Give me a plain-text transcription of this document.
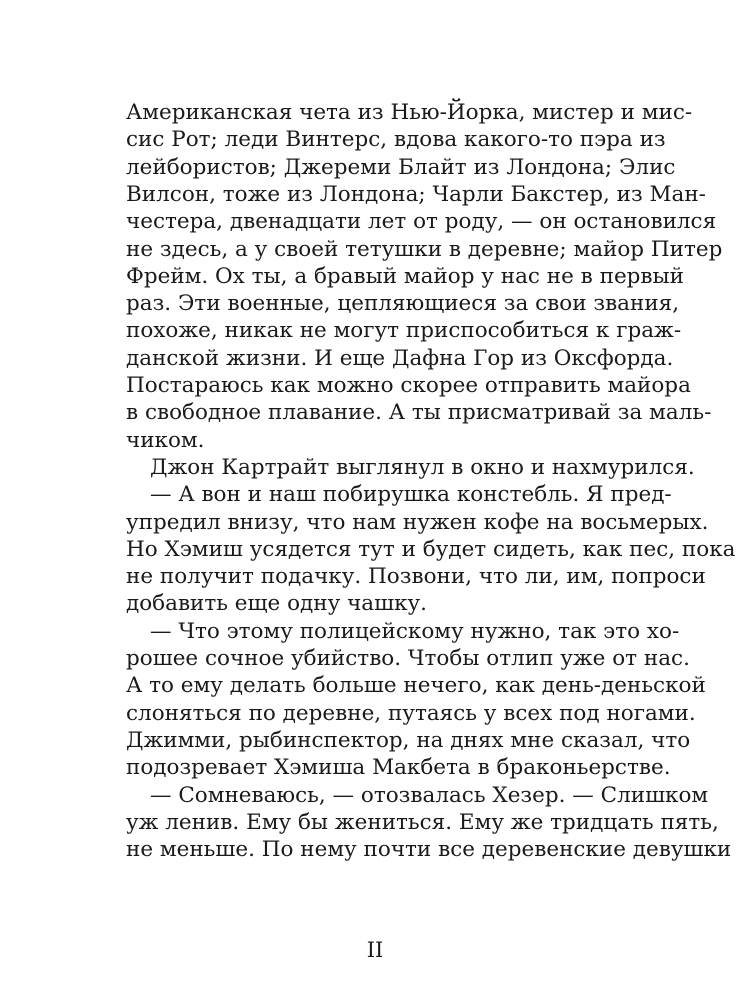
Американская чета из Нью-Йорка, мистер и мис-
сис Рот; леди Винтерс, вдова какого-то пэра из
лейбористов; Джереми Блайт из Лондона; Элис
Вилсон, тоже из Лондона; Чарли Бакстер, из Ман-
честера, двенадцати лет от роду, — он остановился
не здесь, а у своей тетушки в деревне; майор Питер
Фрейм. Ох ты, а бравый майор у нас не в первый
раз. Эти военные, цепляющиеся за свои звания,
похоже, никак не могут приспособиться к граж-
данской жизни. И еще Дафна Гор из Оксфорда.
Постараюсь как можно скорее отправить майора
в свободное плавание. А ты присматривай за маль-
чиком.
Джон Картрайт выглянул в окно и нахмурился.
— А вон и наш побирушка констебль. Я пред-
упредил внизу, что нам нужен кофе на восьмерых.
Но Хэмиш усядется тут и будет сидеть, как пес, пока
не получит подачку. Позвони, что ли, им, попроси
добавить еще одну чашку.
— Что этому полицейскому нужно, так это хо-
рошее сочное убийство. Чтобы отлип уже от нас.
А то ему делать больше нечего, как день-деньской
слоняться по деревне, путаясь у всех под ногами.
Джимми, рыбинспектор, на днях мне сказал, что
подозревает Хэмиша Макбета в браконьерстве.
— Сомневаюсь, — отозвалась Хезер. — Слишком
уж ленив. Ему бы жениться. Ему же тридцать пять,
не меньше. По нему почти все деревенские девушки
II
